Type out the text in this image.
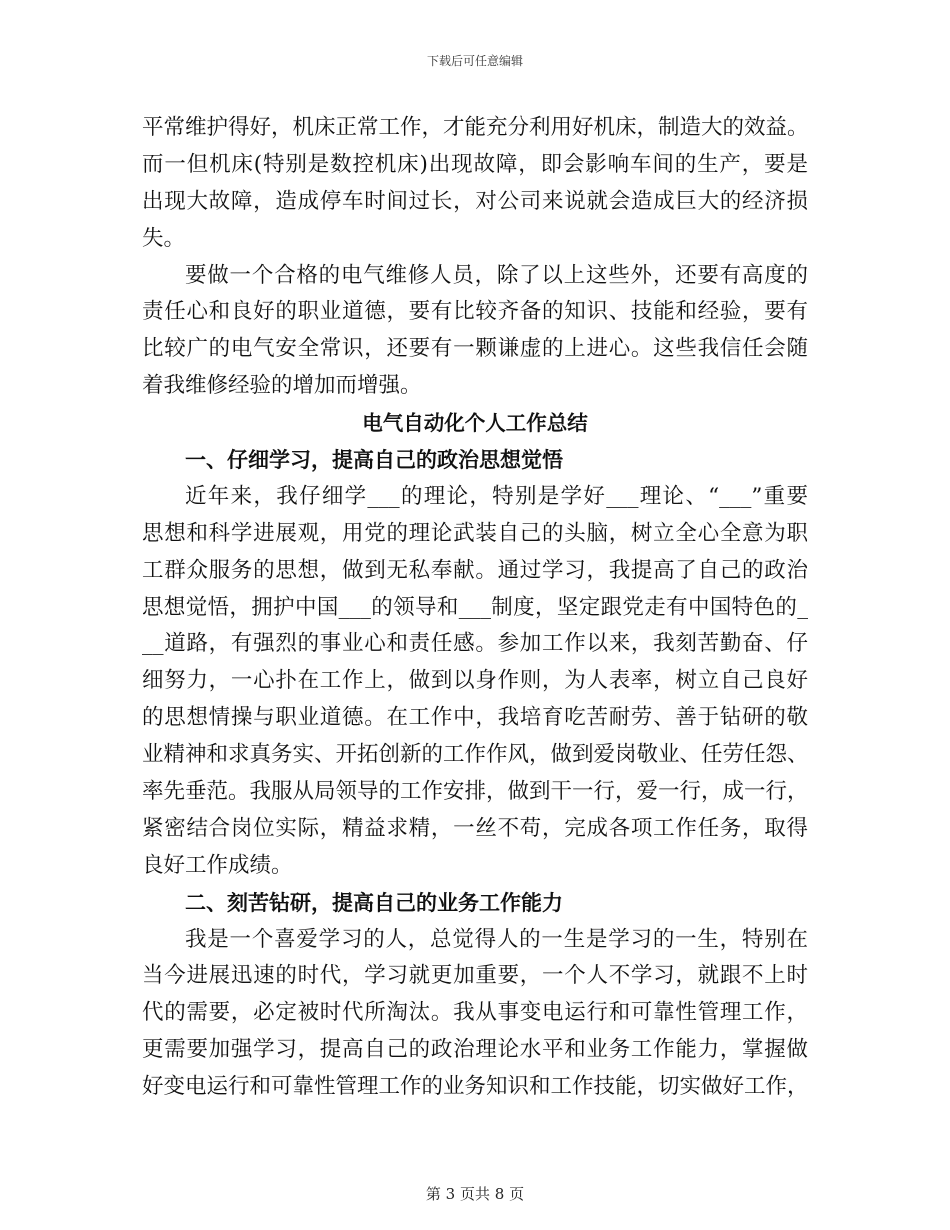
下载后可任意编辑
平常维护得好，机床正常工作，才能充分利用好机床，制造大的效益。
而一但机床(特别是数控机床)出现故障，即会影响车间的生产，要是
出现大故障，造成停车时间过长，对公司来说就会造成巨大的经济损
失。
要做一个合格的电气维修人员，除了以上这些外，还要有高度的
责任心和良好的职业道德，要有比较齐备的知识、技能和经验，要有
比较广的电气安全常识，还要有一颗谦虚的上进心。这些我信任会随
着我维修经验的增加而增强。
电气自动化个人工作总结
一、仔细学习，提高自己的政治思想觉悟
近年来，我仔细学___的理论，特别是学好___理论、“___”重要
思想和科学进展观，用党的理论武装自己的头脑，树立全心全意为职
工群众服务的思想，做到无私奉献。通过学习，我提高了自己的政治
思想觉悟，拥护中国___的领导和___制度，坚定跟党走有中国特色的_
__道路，有强烈的事业心和责任感。参加工作以来，我刻苦勤奋、仔
细努力，一心扑在工作上，做到以身作则，为人表率，树立自己良好
的思想情操与职业道德。在工作中，我培育吃苦耐劳、善于钻研的敬
业精神和求真务实、开拓创新的工作作风，做到爱岗敬业、任劳任怨、
率先垂范。我服从局领导的工作安排，做到干一行，爱一行，成一行，
紧密结合岗位实际，精益求精，一丝不苟，完成各项工作任务，取得
良好工作成绩。
二、刻苦钻研，提高自己的业务工作能力
我是一个喜爱学习的人，总觉得人的一生是学习的一生，特别在
当今进展迅速的时代，学习就更加重要，一个人不学习，就跟不上时
代的需要，必定被时代所淘汰。我从事变电运行和可靠性管理工作，
更需要加强学习，提高自己的政治理论水平和业务工作能力，掌握做
好变电运行和可靠性管理工作的业务知识和工作技能，切实做好工作，
第 3 页共 8 页
